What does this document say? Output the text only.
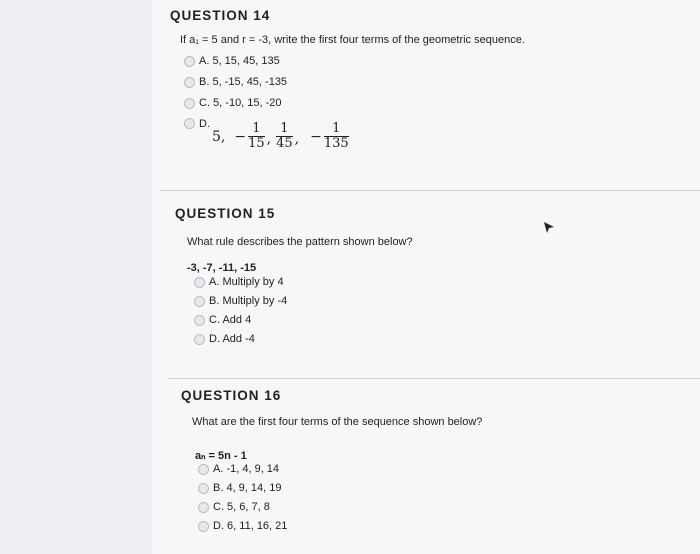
QUESTION 14
If a₁ = 5 and r = -3, write the first four terms of the geometric sequence.
A. 5, 15, 45, 135
B. 5, -15, 45, -135
C. 5, -10, 15, -20
D.
5, − $\frac{1}{15}$ , $\frac{1}{45}$ , − $\frac{1}{135}$
QUESTION 15
What rule describes the pattern shown below?
-3, -7, -11, -15
A. Multiply by 4
B. Multiply by -4
C. Add 4
D. Add -4
QUESTION 16
What are the first four terms of the sequence shown below?
aₙ = 5n - 1
A. -1, 4, 9, 14
B. 4, 9, 14, 19
C. 5, 6, 7, 8
D. 6, 11, 16, 21
